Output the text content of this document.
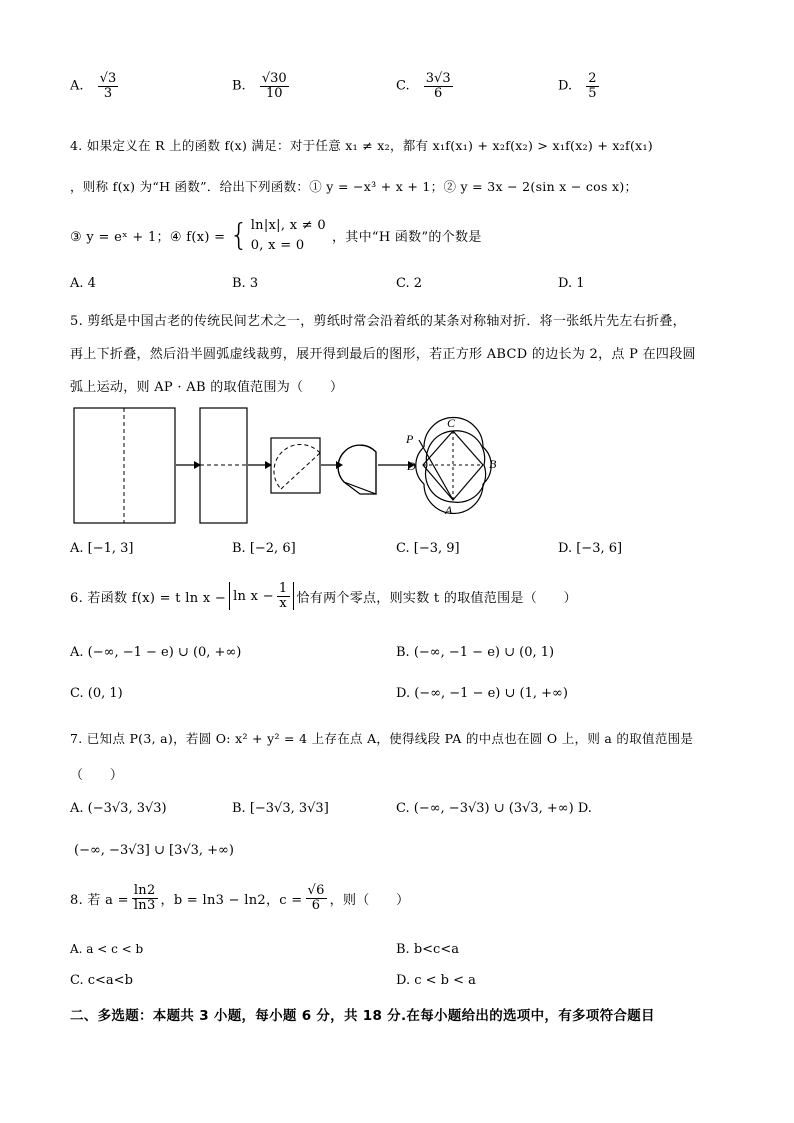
A. $\frac{√3}{3}$	B. $\frac{√30}{10}$	C. $\frac{3√3}{6}$	D. $\frac{2}{5}$
4. 如果定义在 R 上的函数 f(x) 满足：对于任意 x₁ ≠ x₂，都有 x₁f(x₁) + x₂f(x₂) > x₁f(x₂) + x₂f(x₁)
，则称 f(x) 为“H 函数”．给出下列函数：① y = −x³ + x + 1；② y = 3x − 2(sin x − cos x)；
③ y = eˣ + 1；④ f(x) = { ln|x|, x ≠ 0
0, x = 0	，其中“H 函数”的个数是
A. 4	B. 3	C. 2	D. 1
5. 剪纸是中国古老的传统民间艺术之一，剪纸时常会沿着纸的某条对称轴对折．将一张纸片先左右折叠，
再上下折叠，然后沿半圆弧虚线裁剪，展开得到最后的图形，若正方形 ABCD 的边长为 2，点 P 在四段圆
弧上运动，则 AP · AB 的取值范围为（　　）
P
C
D	B
A
A. [−1, 3]	B. [−2, 6]	C. [−3, 9]	D. [−3, 6]
6. 若函数 f(x) = t $\ln x - \ln x - \frac{1}{x}$ 恰有两个零点，则实数 t 的取值范围是（　　）
A. (−∞, −1 − e) ∪ (0, +∞)	B. (−∞, −1 − e) ∪ (0, 1)
C. (0, 1)	D. (−∞, −1 − e) ∪ (1, +∞)
7. 已知点 P(3, a)，若圆 O: x² + y² = 4 上存在点 A，使得线段 PA 的中点也在圆 O 上，则 a 的取值范围是
（　　）
A. (−3√3, 3√3)	B. [−3√3, 3√3]	C. (−∞, −3√3) ∪ (3√3, +∞) D.
(−∞, −3√3] ∪ [3√3, +∞)
8. 若 $a = \frac{\ln 2}{\ln 3}$ ，b = ln3 − ln2，$c = \frac{√6}{6}$ ，则（　　）
A. a < c < b	B. b<c<a
C. c<a<b	D. c < b < a
二、多选题：本题共 3 小题，每小题 6 分，共 18 分.在每小题给出的选项中，有多项符合题目
